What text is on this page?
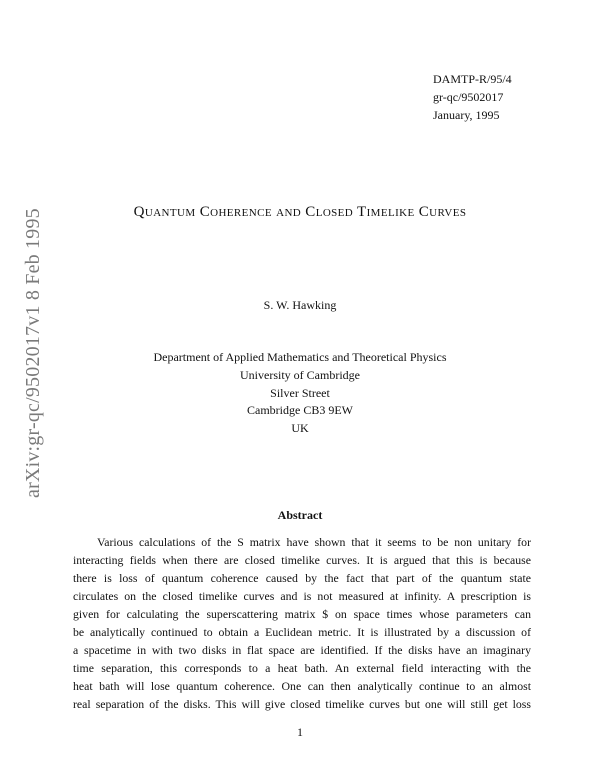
DAMTP-R/95/4
gr-qc/9502017
January, 1995
arXiv:gr-qc/9502017v1 8 Feb 1995	Quantum Coherence and Closed Timelike Curves
S. W. Hawking
Department of Applied Mathematics and Theoretical Physics
University of Cambridge
Silver Street
Cambridge CB3 9EW
UK
Abstract
Various calculations of the S matrix have shown that it seems to be non unitary for
interacting fields when there are closed timelike curves. It is argued that this is because
there is loss of quantum coherence caused by the fact that part of the quantum state
circulates on the closed timelike curves and is not measured at infinity. A prescription is
given for calculating the superscattering matrix $ on space times whose parameters can
be analytically continued to obtain a Euclidean metric. It is illustrated by a discussion of
a spacetime in with two disks in flat space are identified. If the disks have an imaginary
time separation, this corresponds to a heat bath. An external field interacting with the
heat bath will lose quantum coherence. One can then analytically continue to an almost
real separation of the disks. This will give closed timelike curves but one will still get loss
1
